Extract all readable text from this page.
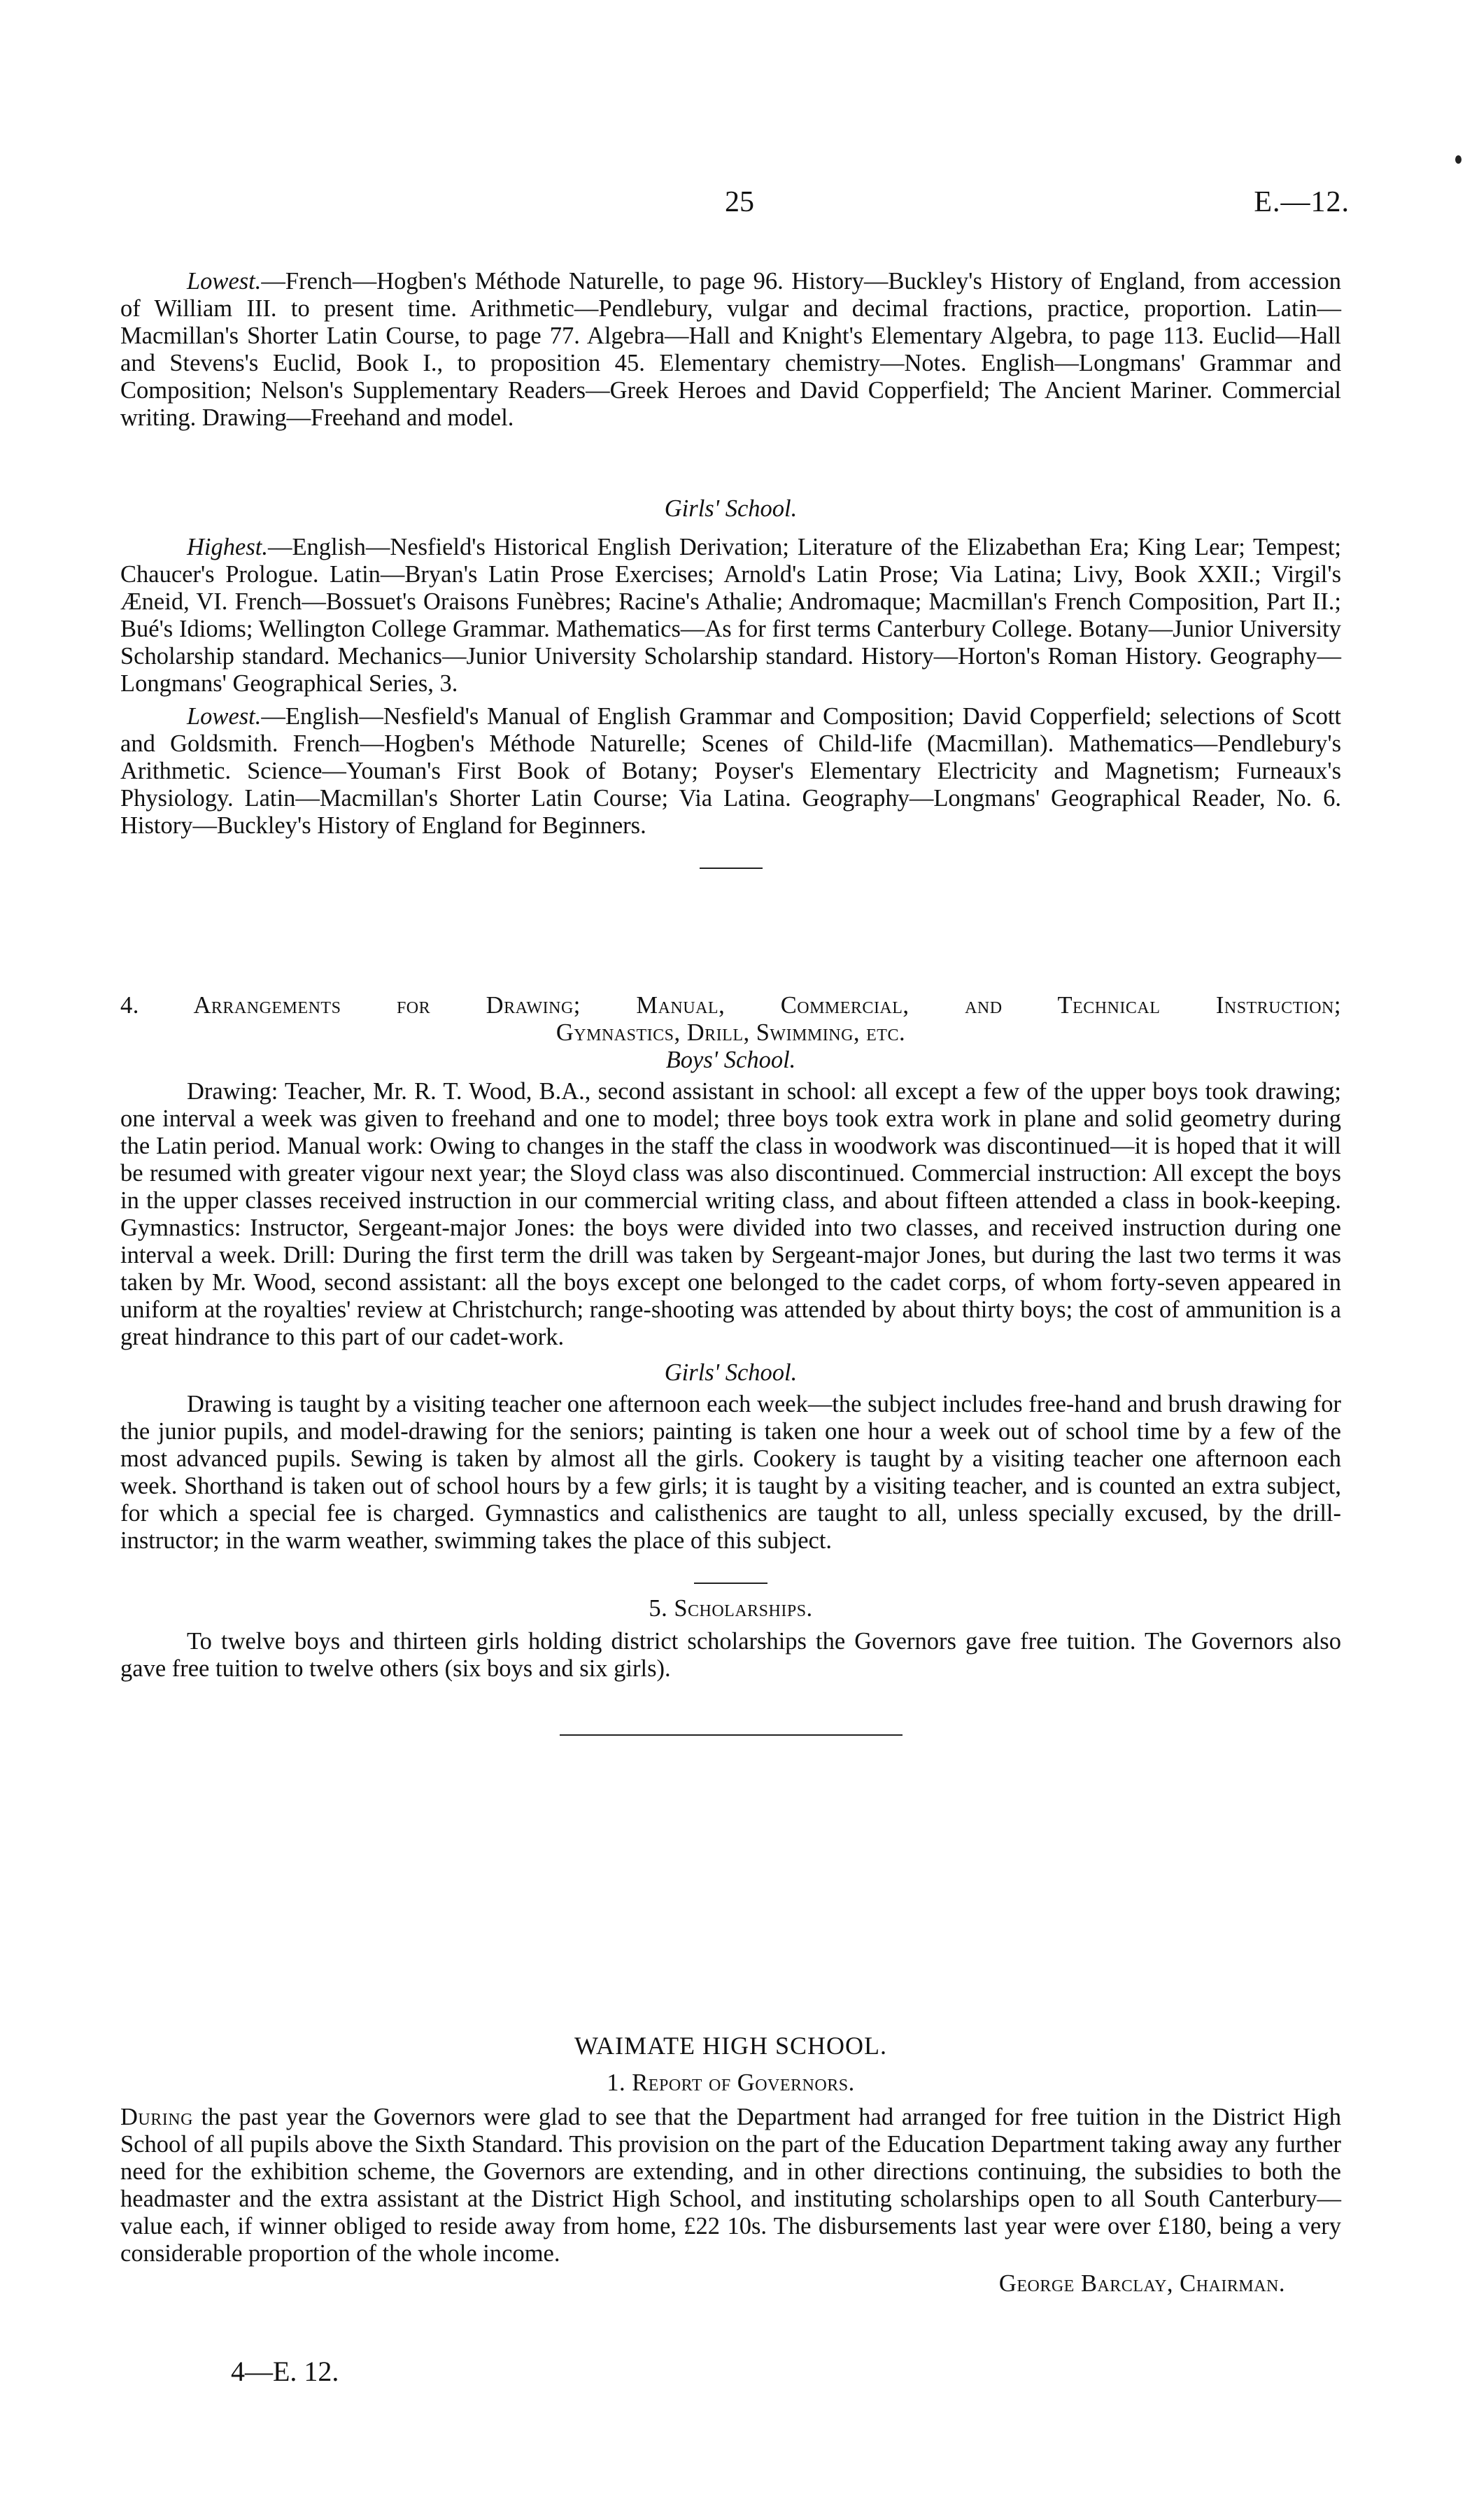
25	E.—12.

Lowest.—French—Hogben's Méthode Naturelle, to page 96. History—Buckley's History of England, from accession of William III. to present time. Arithmetic—Pendlebury, vulgar and decimal fractions, practice, proportion. Latin—Macmillan's Shorter Latin Course, to page 77. Algebra—Hall and Knight's Elementary Algebra, to page 113. Euclid—Hall and Stevens's Euclid, Book I., to proposition 45. Elementary chemistry—Notes. English—Longmans' Grammar and Composition; Nelson's Supplementary Readers—Greek Heroes and David Copperfield; The Ancient Mariner. Commercial writing. Drawing—Freehand and model.

Girls' School.

Highest.—English—Nesfield's Historical English Derivation; Literature of the Elizabethan Era; King Lear; Tempest; Chaucer's Prologue. Latin—Bryan's Latin Prose Exercises; Arnold's Latin Prose; Via Latina; Livy, Book XXII.; Virgil's Æneid, VI. French—Bossuet's Oraisons Funèbres; Racine's Athalie; Andromaque; Macmillan's French Composition, Part II.; Bué's Idioms; Wellington College Grammar. Mathematics—As for first terms Canterbury College. Botany—Junior University Scholarship standard. Mechanics—Junior University Scholarship standard. History—Horton's Roman History. Geography—Longmans' Geographical Series, 3.

Lowest.—English—Nesfield's Manual of English Grammar and Composition; David Copperfield; selections of Scott and Goldsmith. French—Hogben's Méthode Naturelle; Scenes of Child-life (Macmillan). Mathematics—Pendlebury's Arithmetic. Science—Youman's First Book of Botany; Poyser's Elementary Electricity and Magnetism; Furneaux's Physiology. Latin—Macmillan's Shorter Latin Course; Via Latina. Geography—Longmans' Geographical Reader, No. 6. History—Buckley's History of England for Beginners.

4. Arrangements for Drawing; Manual, Commercial, and Technical Instruction;

Gymnastics, Drill, Swimming, etc.

Boys' School.

Drawing: Teacher, Mr. R. T. Wood, B.A., second assistant in school: all except a few of the upper boys took drawing; one interval a week was given to freehand and one to model; three boys took extra work in plane and solid geometry during the Latin period. Manual work: Owing to changes in the staff the class in woodwork was discontinued—it is hoped that it will be resumed with greater vigour next year; the Sloyd class was also discontinued. Commercial instruction: All except the boys in the upper classes received instruction in our commercial writing class, and about fifteen attended a class in book-keeping. Gymnastics: Instructor, Sergeant-major Jones: the boys were divided into two classes, and received instruction during one interval a week. Drill: During the first term the drill was taken by Sergeant-major Jones, but during the last two terms it was taken by Mr. Wood, second assistant: all the boys except one belonged to the cadet corps, of whom forty-seven appeared in uniform at the royalties' review at Christchurch; range-shooting was attended by about thirty boys; the cost of ammunition is a great hindrance to this part of our cadet-work.

Girls' School.

Drawing is taught by a visiting teacher one afternoon each week—the subject includes free-hand and brush drawing for the junior pupils, and model-drawing for the seniors; painting is taken one hour a week out of school time by a few of the most advanced pupils. Sewing is taken by almost all the girls. Cookery is taught by a visiting teacher one afternoon each week. Shorthand is taken out of school hours by a few girls; it is taught by a visiting teacher, and is counted an extra subject, for which a special fee is charged. Gymnastics and calisthenics are taught to all, unless specially excused, by the drill-instructor; in the warm weather, swimming takes the place of this subject.

5. Scholarships.

To twelve boys and thirteen girls holding district scholarships the Governors gave free tuition. The Governors also gave free tuition to twelve others (six boys and six girls).

WAIMATE HIGH SCHOOL.

1. Report of Governors.

During the past year the Governors were glad to see that the Department had arranged for free tuition in the District High School of all pupils above the Sixth Standard. This provision on the part of the Education Department taking away any further need for the exhibition scheme, the Governors are extending, and in other directions continuing, the subsidies to both the headmaster and the extra assistant at the District High School, and instituting scholarships open to all South Canterbury—value each, if winner obliged to reside away from home, £22 10s. The disbursements last year were over £180, being a very considerable proportion of the whole income.

George Barclay, Chairman.

4—E. 12.
